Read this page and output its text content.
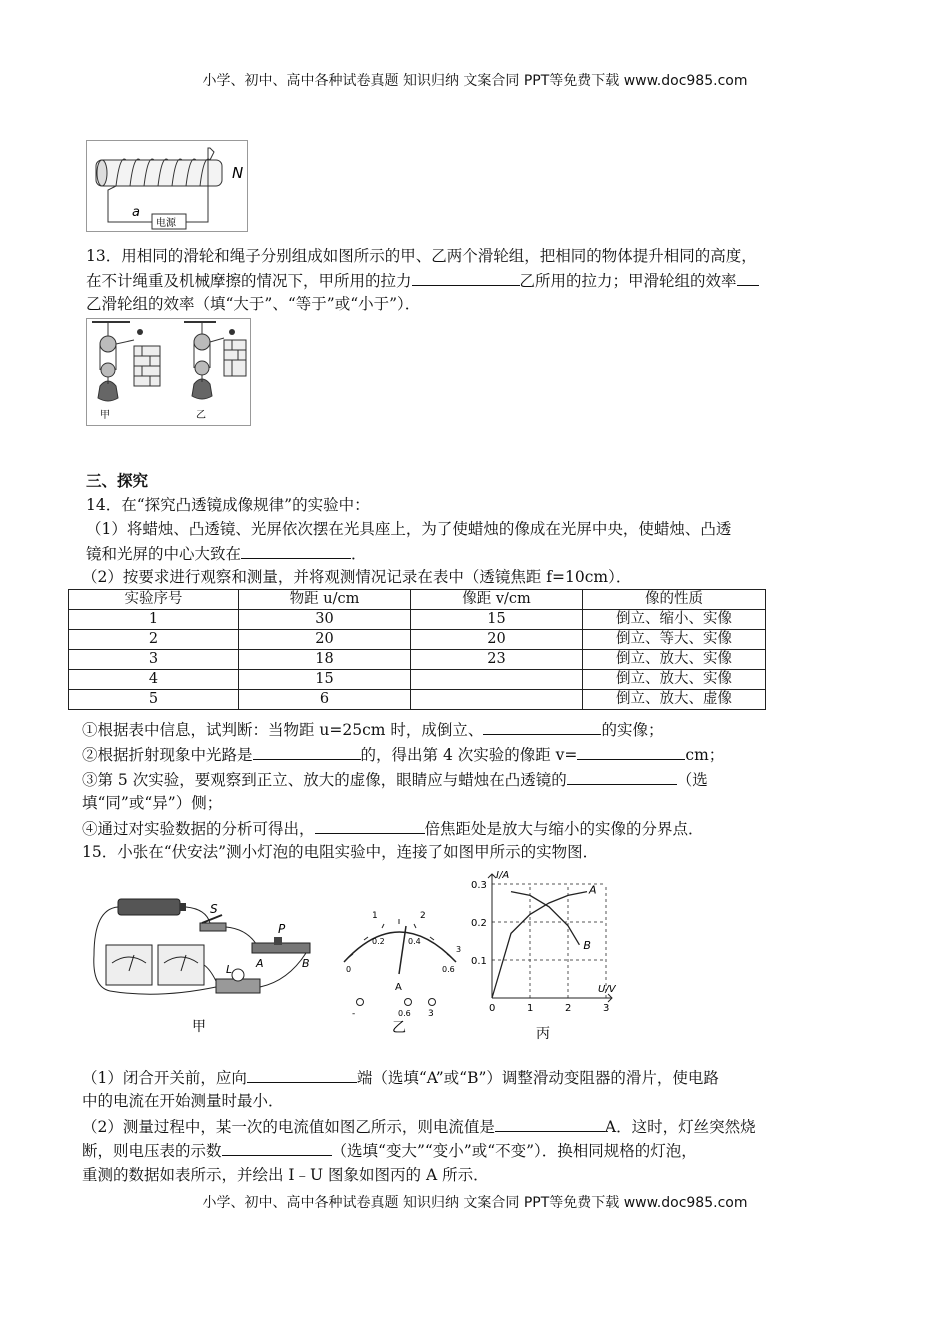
小学、初中、高中各种试卷真题 知识归纳 文案合同 PPT等免费下载 www.doc985.com
电源
a
N
13．用相同的滑轮和绳子分别组成如图所示的甲、乙两个滑轮组，把相同的物体提升相同的高度，
在不计绳重及机械摩擦的情况下，甲所用的拉力	乙所用的拉力；甲滑轮组的效率
乙滑轮组的效率（填“大于”、“等于”或“小于”）．
甲	乙
三、探究
14．在“探究凸透镜成像规律”的实验中：
（1）将蜡烛、凸透镜、光屏依次摆在光具座上，为了使蜡烛的像成在光屏中央，使蜡烛、凸透
镜和光屏的中心大致在	．
（2）按要求进行观察和测量，并将观测情况记录在表中（透镜焦距 f=10cm）．
实验序号	物距 u/cm	像距 v/cm	像的性质
1	30	15	倒立、缩小、实像
2	20	20	倒立、等大、实像
3	18	23	倒立、放大、实像
4	15		倒立、放大、实像
5	6		倒立、放大、虚像
①根据表中信息，试判断：当物距 u=25cm 时，成倒立、	的实像；
②根据折射现象中光路是	的，得出第 4 次实验的像距 v=	cm；
③第 5 次实验，要观察到正立、放大的虚像，眼睛应与蜡烛在凸透镜的	（选
填“同”或“异”）侧；
④通过对实验数据的分析可得出，	倍焦距处是放大与缩小的实像的分界点．
15．小张在“伏安法”测小灯泡的电阻实验中，连接了如图甲所示的实物图．
S
P
A	B
L
甲
1	2
0
0.2	0.4
0.6
3
A
-	0.6 3
乙
I/A
U/V
0	1	2	3
0.3
0.2
0.1
A
B
丙
（1）闭合开关前，应向	端（选填“A”或“B”）调整滑动变阻器的滑片，使电路
中的电流在开始测量时最小．
（2）测量过程中，某一次的电流值如图乙所示，则电流值是	A．这时，灯丝突然烧
断，则电压表的示数	（选填“变大”“变小”或“不变”）．换相同规格的灯泡，
重测的数据如表所示，并绘出 I﹣U 图象如图丙的 A 所示．
小学、初中、高中各种试卷真题 知识归纳 文案合同 PPT等免费下载 www.doc985.com
